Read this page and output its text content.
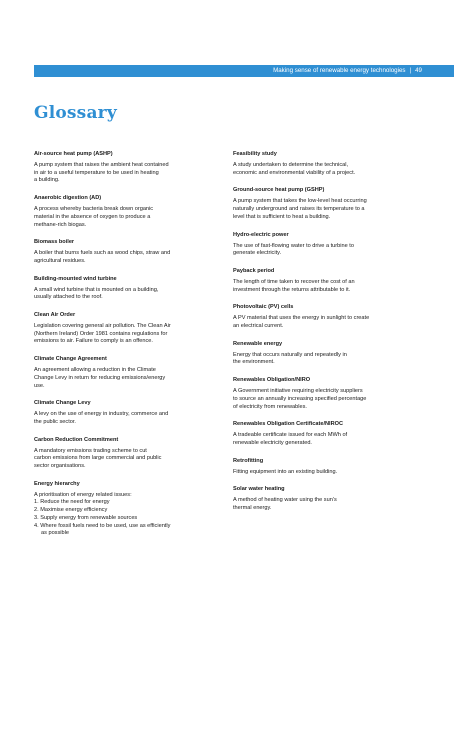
Making sense of renewable energy technologies | 49
Glossary
Air-source heat pump (ASHP)
A pump system that raises the ambient heat contained
in air to a useful temperature to be used in heating
a building.
Anaerobic digestion (AD)
A process whereby bacteria break down organic
material in the absence of oxygen to produce a
methane-rich biogas.
Biomass boiler
A boiler that burns fuels such as wood chips, straw and
agricultural residues.
Building-mounted wind turbine
A small wind turbine that is mounted on a building,
usually attached to the roof.
Clean Air Order
Legislation covering general air pollution. The Clean Air
(Northern Ireland) Order 1981 contains regulations for
emissions to air. Failure to comply is an offence.
Climate Change Agreement
An agreement allowing a reduction in the Climate
Change Levy in return for reducing emissions/energy
use.
Climate Change Levy
A levy on the use of energy in industry, commerce and
the public sector.
Carbon Reduction Commitment
A mandatory emissions trading scheme to cut
carbon emissions from large commercial and public
sector organisations.
Energy hierarchy
A prioritisation of energy related issues:
1. Reduce the need for energy
2. Maximise energy efficiency
3. Supply energy from renewable sources
4. Where fossil fuels need to be used, use as efficiently
as possible
Feasibility study
A study undertaken to determine the technical,
economic and environmental viability of a project.
Ground-source heat pump (GSHP)
A pump system that takes the low-level heat occurring
naturally underground and raises its temperature to a
level that is sufficient to heat a building.
Hydro-electric power
The use of fast-flowing water to drive a turbine to
generate electricity.
Payback period
The length of time taken to recover the cost of an
investment through the returns attributable to it.
Photovoltaic (PV) cells
A PV material that uses the energy in sunlight to create
an electrical current.
Renewable energy
Energy that occurs naturally and repeatedly in
the environment.
Renewables Obligation/NIRO
A Government initiative requiring electricity suppliers
to source an annually increasing specified percentage
of electricity from renewables.
Renewables Obligation Certificate/NIROC
A tradeable certificate issued for each MWh of
renewable electricity generated.
Retrofitting
Fitting equipment into an existing building.
Solar water heating
A method of heating water using the sun’s
thermal energy.
